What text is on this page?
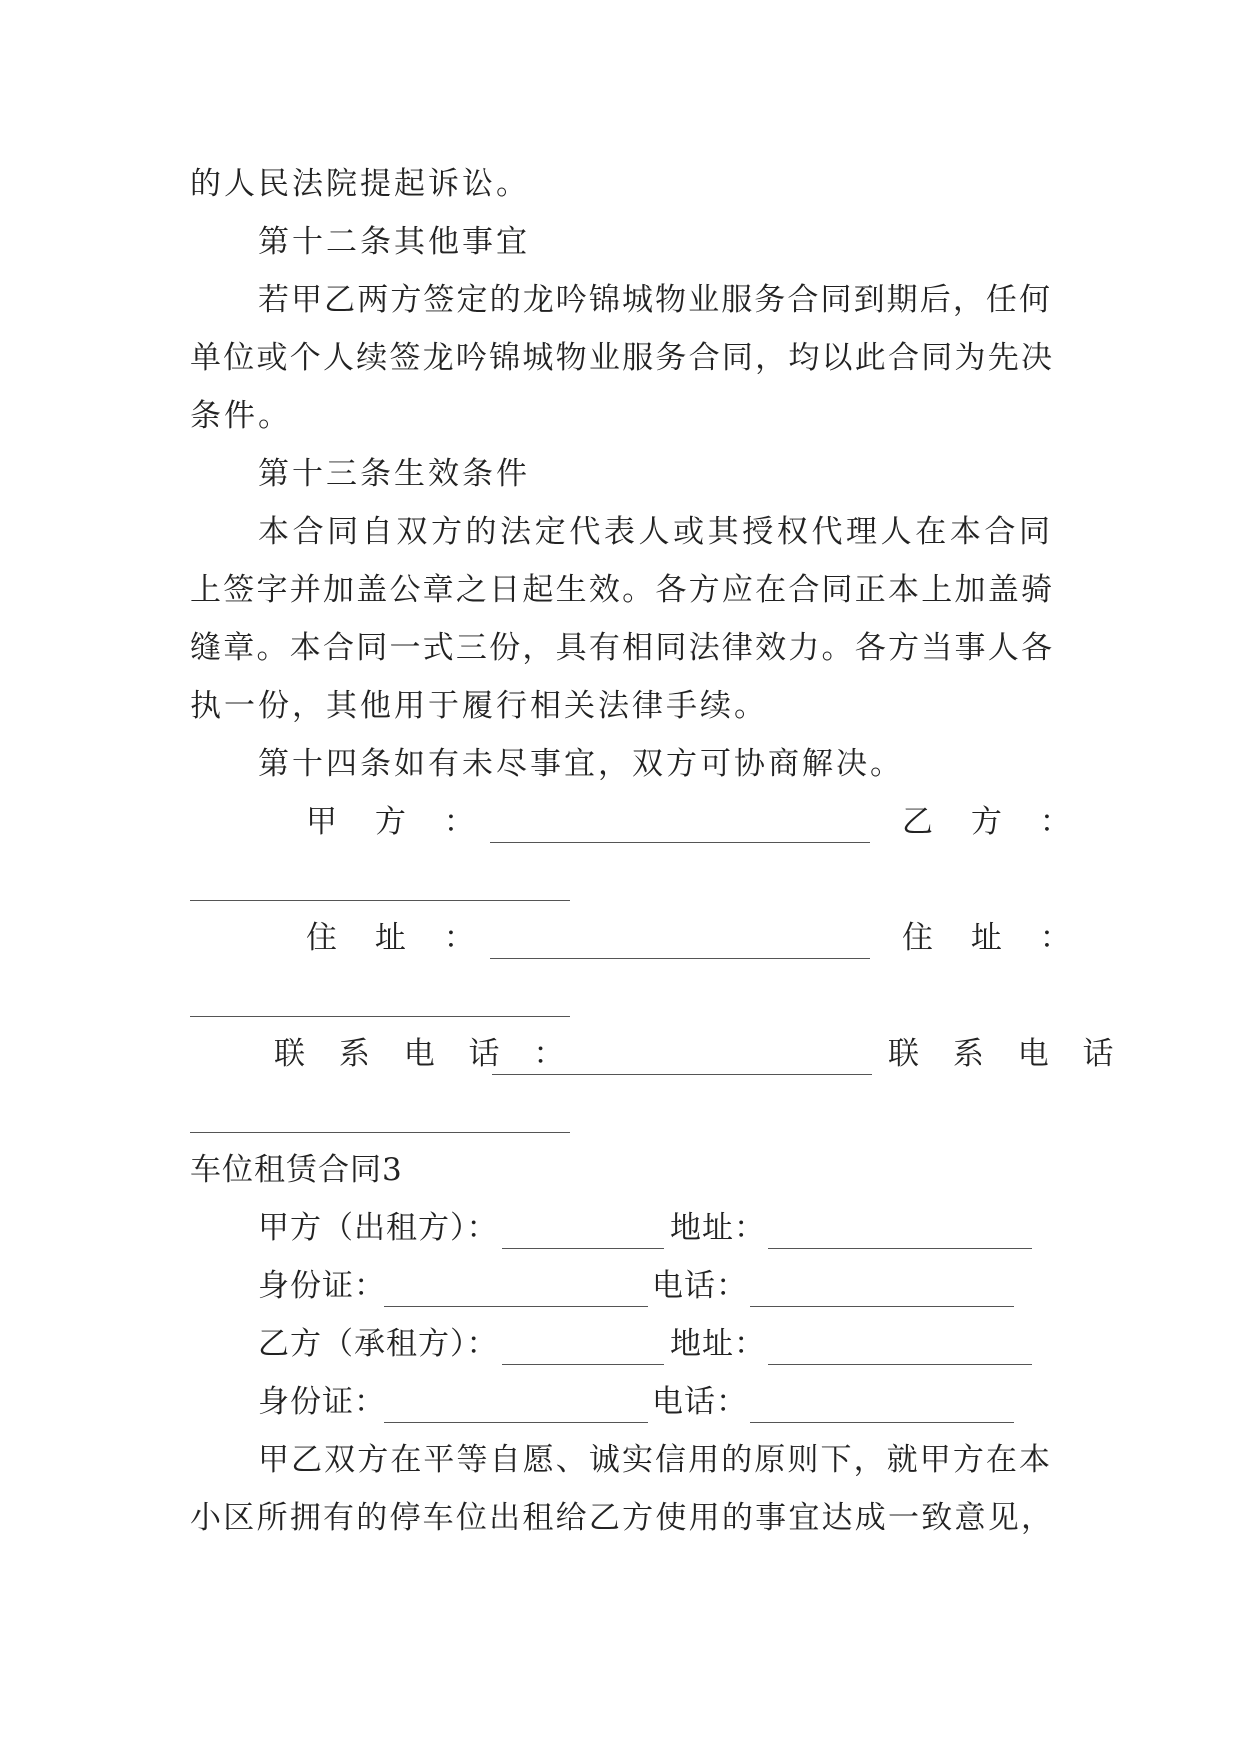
的人民法院提起诉讼。
第十二条其他事宜
若甲乙两方签定的龙吟锦城物业服务合同到期后，任何
单位或个人续签龙吟锦城物业服务合同，均以此合同为先决
条件。
第十三条生效条件
本合同自双方的法定代表人或其授权代理人在本合同
上签字并加盖公章之日起生效。各方应在合同正本上加盖骑
缝章。本合同一式三份，具有相同法律效力。各方当事人各
执一份，其他用于履行相关法律手续。
第十四条如有未尽事宜，双方可协商解决。
甲 方 ：	乙 方 ：
住 址 ：	住 址 ：
联 系 电 话 ：	联 系 电 话
车位租赁合同3
甲方（出租方）：	地址：
身份证：	电话：
乙方（承租方）：	地址：
身份证：	电话：
甲乙双方在平等自愿、诚实信用的原则下，就甲方在本
小区所拥有的停车位出租给乙方使用的事宜达成一致意见，
